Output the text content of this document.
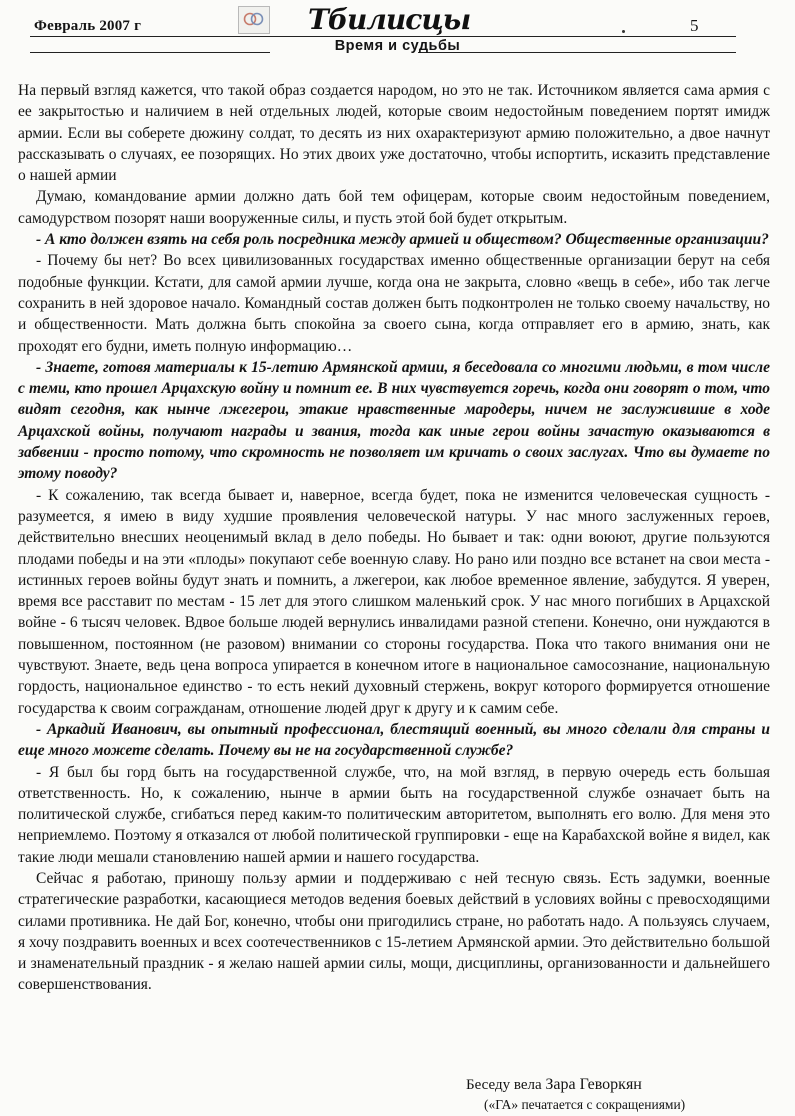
Февраль 2007 г	Тбилисцы	5
Время и судьбы

На первый взгляд кажется, что такой образ создается народом, но это не так. Источником является сама армия с ее закрытостью и наличием в ней отдельных людей, которые своим недостойным поведением портят имидж армии. Если вы соберете дюжину солдат, то десять из них охарактеризуют армию положительно, а двое начнут рассказывать о случаях, ее позорящих. Но этих двоих уже достаточно, чтобы испортить, исказить представление о нашей армии

Думаю, командование армии должно дать бой тем офицерам, которые своим недостойным поведением, самодурством позорят наши вооруженные силы, и пусть этой бой будет открытым.

- А кто должен взять на себя роль посредника между армией и обществом? Общественные организации?

- Почему бы нет? Во всех цивилизованных государствах именно общественные организации берут на себя подобные функции. Кстати, для самой армии лучше, когда она не закрыта, словно «вещь в себе», ибо так легче сохранить в ней здоровое начало. Командный состав должен быть подконтролен не только своему начальству, но и общественности. Мать должна быть спокойна за своего сына, когда отправляет его в армию, знать, как проходят его будни, иметь полную информацию…

- Знаете, готовя материалы к 15-летию Армянской армии, я беседовала со многими людьми, в том числе с теми, кто прошел Арцахскую войну и помнит ее. В них чувствуется горечь, когда они говорят о том, что видят сегодня, как нынче лжегерои, этакие нравственные мародеры, ничем не заслужившие в ходе Арцахской войны, получают награды и звания, тогда как иные герои войны зачастую оказываются в забвении - просто потому, что скромность не позволяет им кричать о своих заслугах. Что вы думаете по этому поводу?

- К сожалению, так всегда бывает и, наверное, всегда будет, пока не изменится человеческая сущность - разумеется, я имею в виду худшие проявления человеческой натуры. У нас много заслуженных героев, действительно внесших неоценимый вклад в дело победы. Но бывает и так: одни воюют, другие пользуются плодами победы и на эти «плоды» покупают себе военную славу. Но рано или поздно все встанет на свои места - истинных героев войны будут знать и помнить, а лжегерои, как любое временное явление, забудутся. Я уверен, время все расставит по местам - 15 лет для этого слишком маленький срок. У нас много погибших в Арцахской войне - 6 тысяч человек. Вдвое больше людей вернулись инвалидами разной степени. Конечно, они нуждаются в повышенном, постоянном (не разовом) внимании со стороны государства. Пока что такого внимания они не чувствуют. Знаете, ведь цена вопроса упирается в конечном итоге в национальное самосознание, национальную гордость, национальное единство - то есть некий духовный стержень, вокруг которого формируется отношение государства к своим согражданам, отношение людей друг к другу и к самим себе.

- Аркадий Иванович, вы опытный профессионал, блестящий военный, вы много сделали для страны и еще много можете сделать. Почему вы не на государственной службе?

- Я был бы горд быть на государственной службе, что, на мой взгляд, в первую очередь есть большая ответственность. Но, к сожалению, нынче в армии быть на государственной службе означает быть на политической службе, сгибаться перед каким-то политическим авторитетом, выполнять его волю. Для меня это неприемлемо. Поэтому я отказался от любой политической группировки - еще на Карабахской войне я видел, как такие люди мешали становлению нашей армии и нашего государства.

Сейчас я работаю, приношу пользу армии и поддерживаю с ней тесную связь. Есть задумки, военные стратегические разработки, касающиеся методов ведения боевых действий в условиях войны с превосходящими силами противника. Не дай Бог, конечно, чтобы они пригодились стране, но работать надо. А пользуясь случаем, я хочу поздравить военных и всех соотечественников с 15-летием Армянской армии. Это действительно большой и знаменательный праздник - я желаю нашей армии силы, мощи, дисциплины, организованности и дальнейшего совершенствования.

Беседу вела Зара Геворкян
(«ГА» печатается с сокращениями)
